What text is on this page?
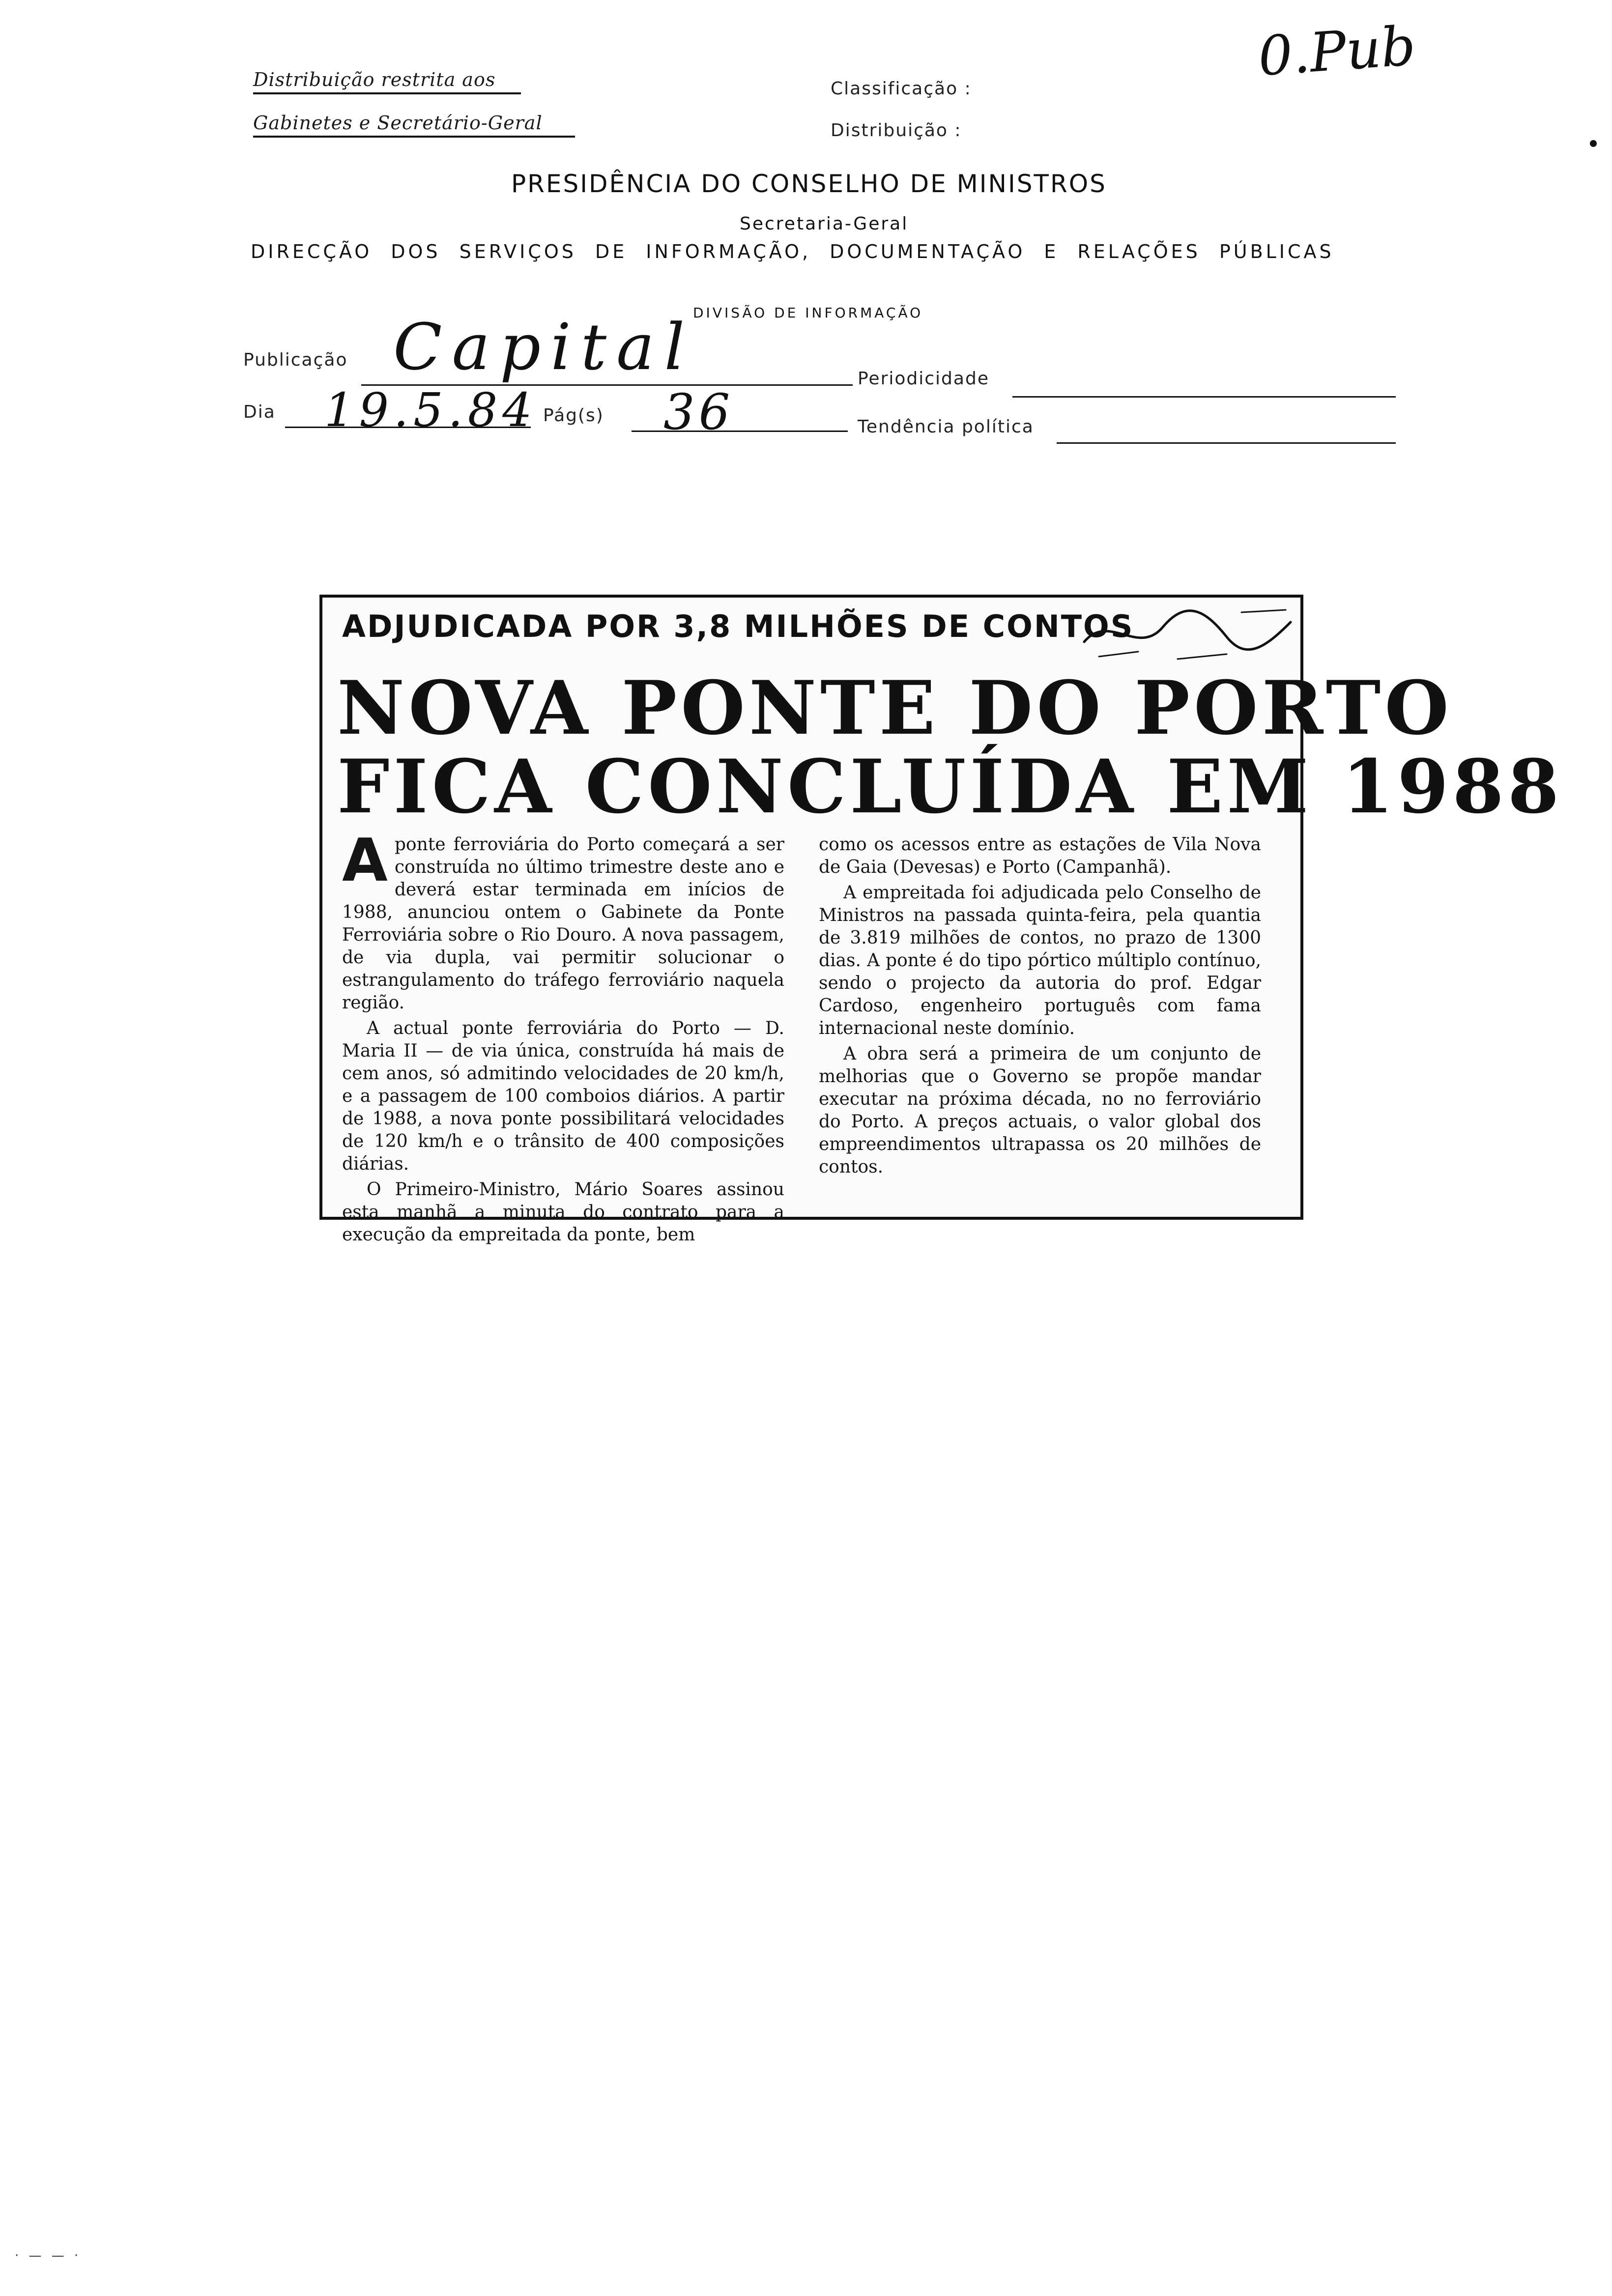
0.Pub
Distribuição restrita aos
Gabinetes e Secretário-Geral
Classificação :
Distribuição :
PRESIDÊNCIA DO CONSELHO DE MINISTROS
Secretaria-Geral
DIRECÇÃO DOS SERVIÇOS DE INFORMAÇÃO, DOCUMENTAÇÃO E RELAÇÕES PÚBLICAS
DIVISÃO DE INFORMAÇÃO
Publicação Capital	Periodicidade
Dia 19.5.84 Pág(s) 36	Tendência política
ADJUDICADA POR 3,8 MILHÕES DE CONTOS
NOVA PONTE DO PORTO
FICA CONCLUÍDA EM 1988

A ponte ferroviária do Porto começará a ser construída no último trimestre deste ano e deverá estar terminada em inícios de 1988, anunciou ontem o Gabinete da Ponte Ferroviária sobre o Rio Douro. A nova passagem, de via dupla, vai permitir solucionar o estrangulamento do tráfego ferroviário naquela região.

A actual ponte ferroviária do Porto — D. Maria II — de via única, construída há mais de cem anos, só admitindo velocidades de 20 km/h, e a passagem de 100 comboios diários. A partir de 1988, a nova ponte possibilitará velocidades de 120 km/h e o trânsito de 400 composições diárias.

O Primeiro-Ministro, Mário Soares assinou esta manhã a minuta do contrato para a execução da empreitada da ponte, bem

como os acessos entre as estações de Vila Nova de Gaia (Devesas) e Porto (Campanhã).

A empreitada foi adjudicada pelo Conselho de Ministros na passada quinta-feira, pela quantia de 3.819 milhões de contos, no prazo de 1300 dias. A ponte é do tipo pórtico múltiplo contínuo, sendo o projecto da autoria do prof. Edgar Cardoso, engenheiro português com fama internacional neste domínio.

A obra será a primeira de um conjunto de melhorias que o Governo se propõe mandar executar na próxima década, no no ferroviário do Porto. A preços actuais, o valor global dos empreendimentos ultrapassa os 20 milhões de contos.

· — — ·
